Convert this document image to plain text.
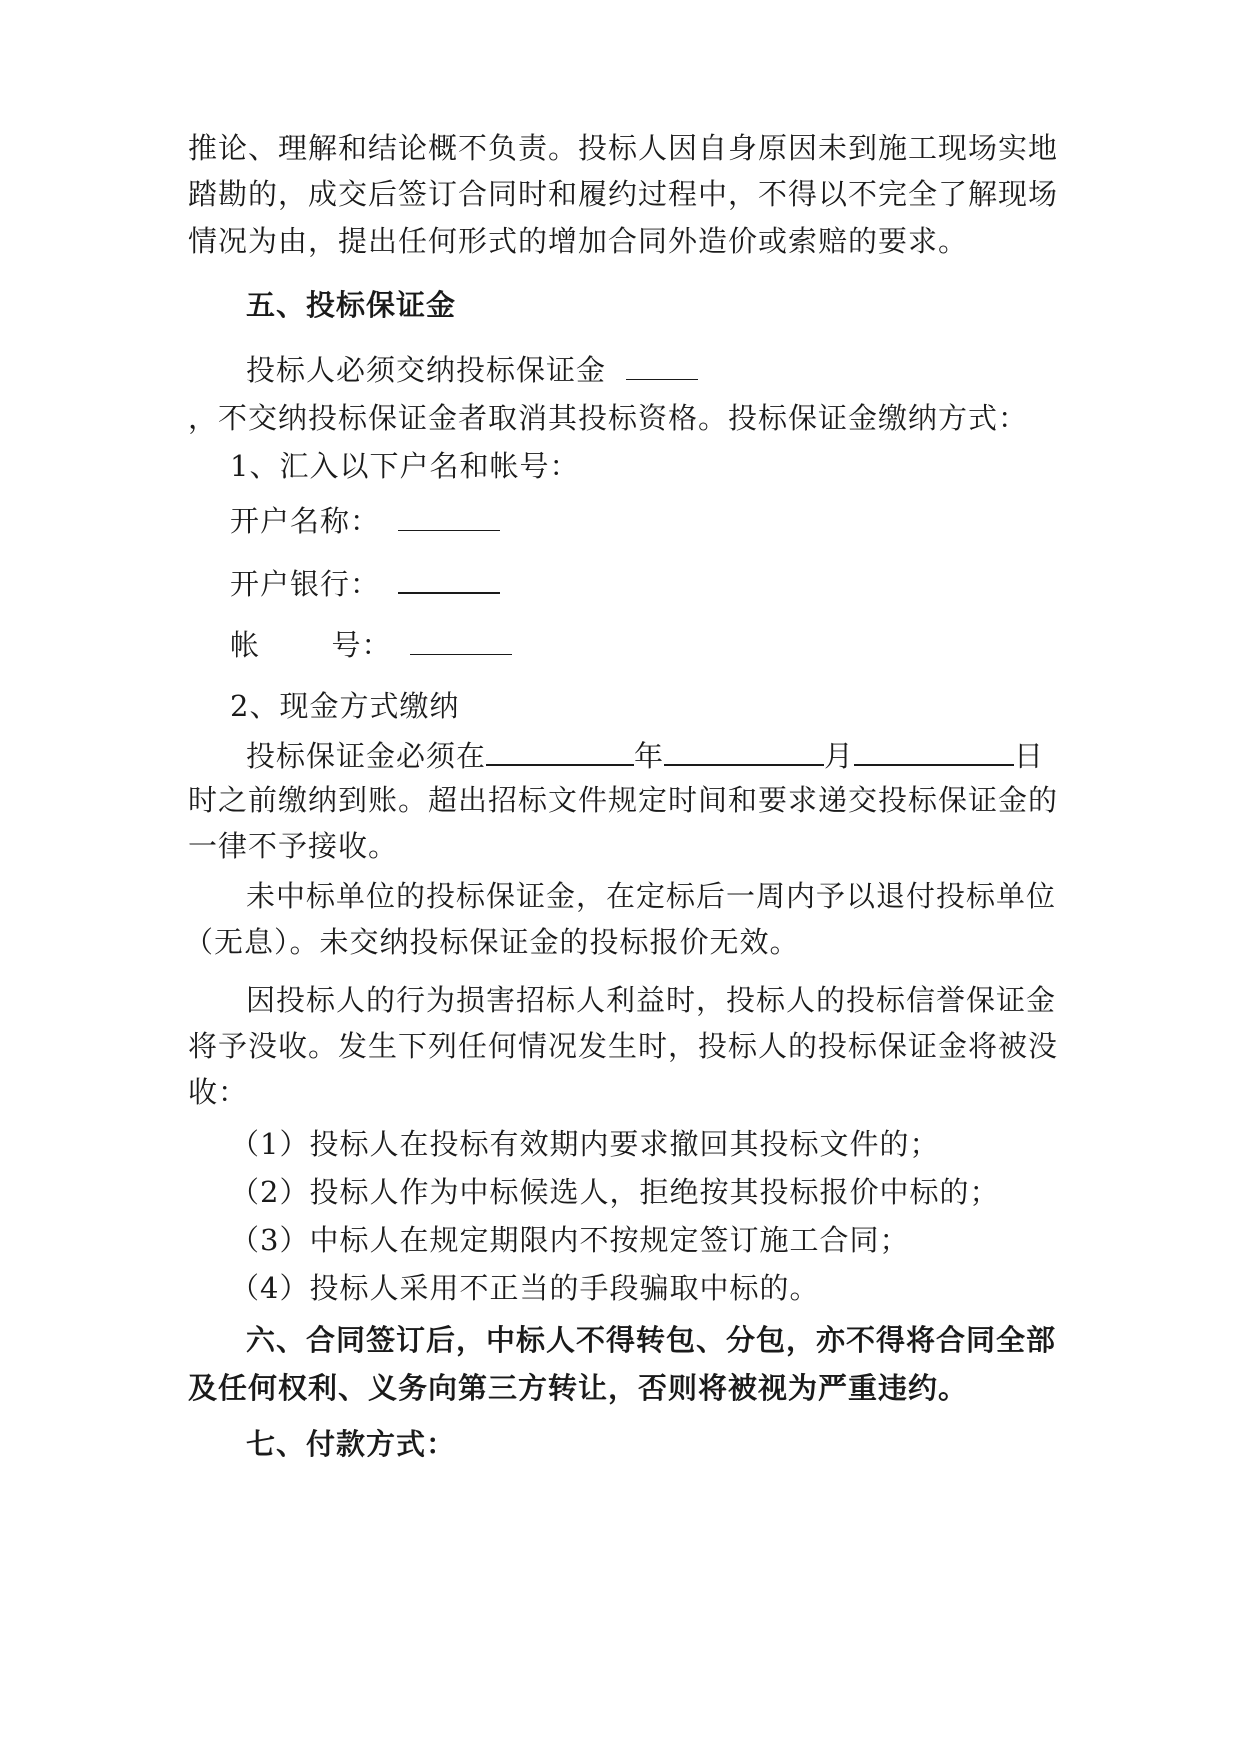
推论、理解和结论概不负责。投标人因自身原因未到施工现场实地
踏勘的，成交后签订合同时和履约过程中，不得以不完全了解现场
情况为由，提出任何形式的增加合同外造价或索赔的要求。
五、投标保证金
投标人必须交纳投标保证金
，不交纳投标保证金者取消其投标资格。投标保证金缴纳方式：
1、汇入以下户名和帐号：
开户名称：
开户银行：
帐       号：
2、现金方式缴纳
投标保证金必须在	年	月	日
时之前缴纳到账。超出招标文件规定时间和要求递交投标保证金的
一律不予接收。
未中标单位的投标保证金，在定标后一周内予以退付投标单位
（无息）。未交纳投标保证金的投标报价无效。
因投标人的行为损害招标人利益时，投标人的投标信誉保证金
将予没收。发生下列任何情况发生时，投标人的投标保证金将被没
收：
（1）投标人在投标有效期内要求撤回其投标文件的；
（2）投标人作为中标候选人，拒绝按其投标报价中标的；
（3）中标人在规定期限内不按规定签订施工合同；
（4）投标人采用不正当的手段骗取中标的。
六、合同签订后，中标人不得转包、分包，亦不得将合同全部
及任何权利、义务向第三方转让，否则将被视为严重违约。
七、付款方式：
